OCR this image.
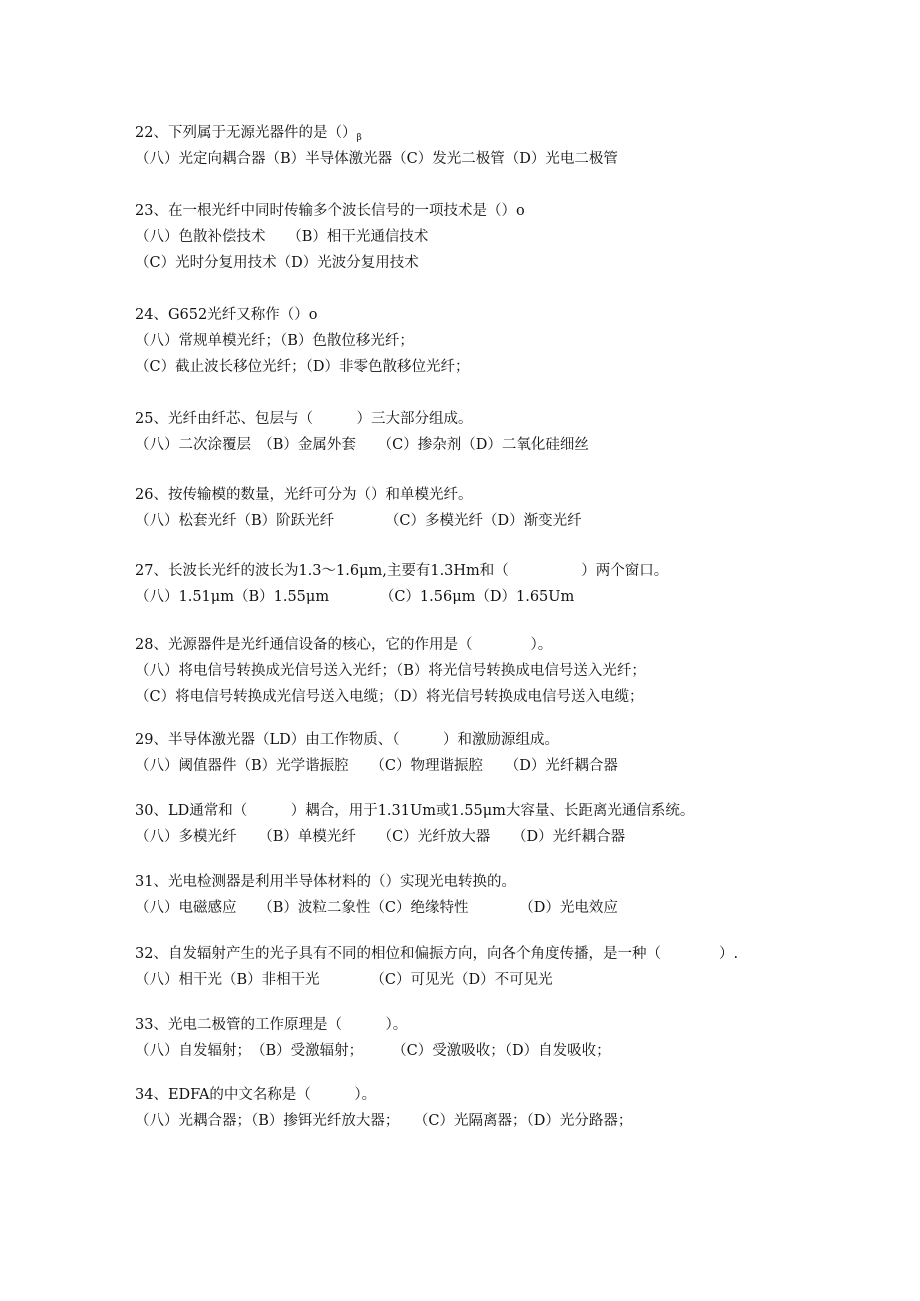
22、下列属于无源光器件的是$()_\beta$
（八）光定向耦合器（B）半导体激光器（C）发光二极管（D）光电二极管
23、在一根光纤中同时传输多个波长信号的一项技术是（）o
（八）色散补偿技术　　（B）相干光通信技术
（C）光时分复用技术（D）光波分复用技术
24、G652光纤又称作（）o
（八）常规单模光纤；（B）色散位移光纤；
（C）截止波长移位光纤；（D）非零色散移位光纤；
25、光纤由纤芯、包层与（　　　）三大部分组成。
（八）二次涂覆层　（B）金属外套　　（C）掺杂剂（D）二氧化硅细丝
26、按传输模的数量，光纤可分为（）和单模光纤。
（八）松套光纤（B）阶跃光纤　　　　（C）多模光纤（D）渐变光纤
27、长波长光纤的波长为1.3～1.6μm,主要有1.3Hm和（　　　　　）两个窗口。
（八）1.51μm（B）1.55μm　　　　（C）1.56μm（D）1.65Um
28、光源器件是光纤通信设备的核心，它的作用是（　　　　）。
（八）将电信号转换成光信号送入光纤；（B）将光信号转换成电信号送入光纤；
（C）将电信号转换成光信号送入电缆；（D）将光信号转换成电信号送入电缆；
29、半导体激光器（LD）由工作物质、（　　　）和激励源组成。
（八）阈值器件（B）光学谐振腔　　（C）物理谐振腔　　（D）光纤耦合器
30、LD通常和（　　　）耦合，用于1.31Um或1.55μm大容量、长距离光通信系统。
（八）多模光纤　　（B）单模光纤　　（C）光纤放大器　　（D）光纤耦合器
31、光电检测器是利用半导体材料的（）实现光电转换的。
（八）电磁感应　　（B）波粒二象性（C）绝缘特性　　　　（D）光电效应
32、自发辐射产生的光子具有不同的相位和偏振方向，向各个角度传播，是一种（　　　　）.
（八）相干光（B）非相干光　　　　（C）可见光（D）不可见光
33、光电二极管的工作原理是（　　　）。
（八）自发辐射；　（B）受激辐射；　　　（C）受激吸收；（D）自发吸收；
34、EDFA的中文名称是（　　　）。
（八）光耦合器；（B）掺铒光纤放大器；　　（C）光隔离器；（D）光分路器；
